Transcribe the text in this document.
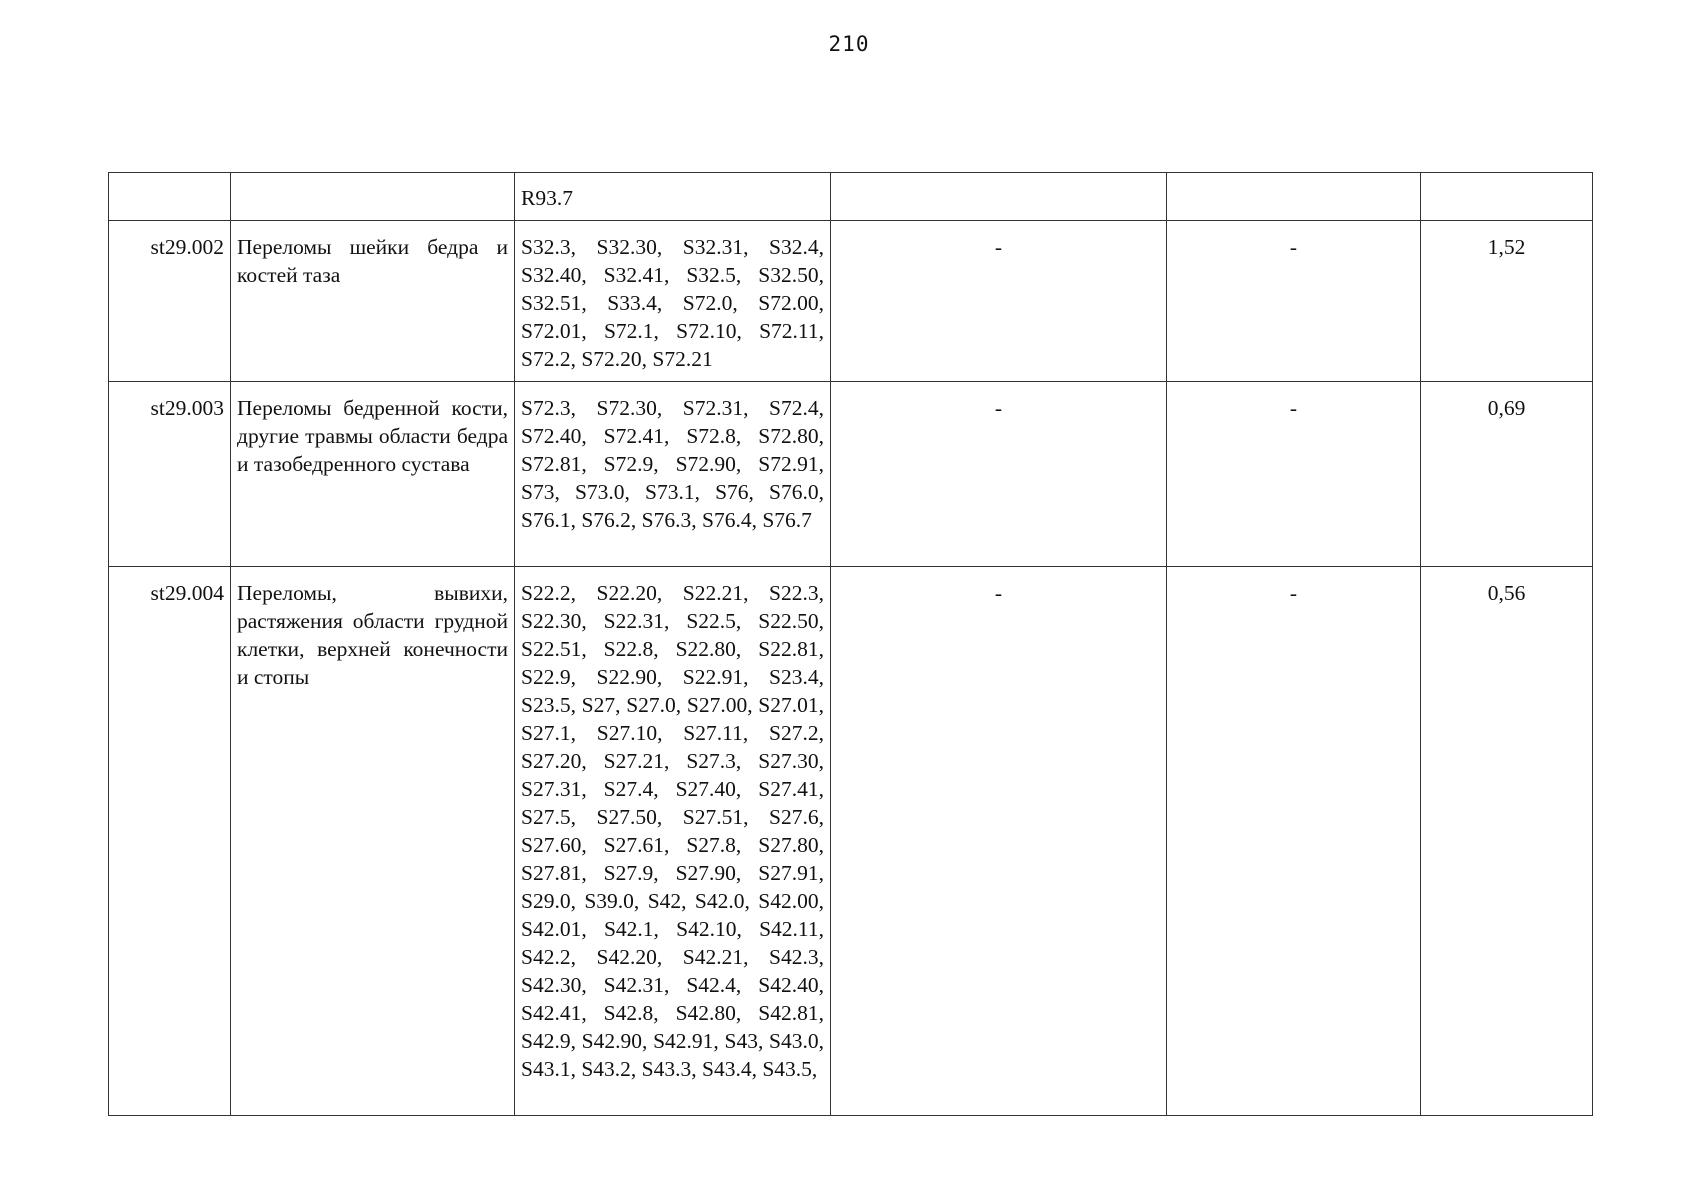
210
		R93.7			
st29.002	Переломы шейки бедра и костей таза	S32.3, S32.30, S32.31, S32.4, S32.40, S32.41, S32.5, S32.50, S32.51, S33.4, S72.0, S72.00, S72.01, S72.1, S72.10, S72.11, S72.2, S72.20, S72.21	-	-	1,52
st29.003	Переломы бедренной кости, другие травмы области бедра и тазобедренного сустава	S72.3, S72.30, S72.31, S72.4, S72.40, S72.41, S72.8, S72.80, S72.81, S72.9, S72.90, S72.91, S73, S73.0, S73.1, S76, S76.0, S76.1, S76.2, S76.3, S76.4, S76.7	-	-	0,69
st29.004	Переломы, вывихи, растяжения области грудной клетки, верхней конечности и стопы	S22.2, S22.20, S22.21, S22.3, S22.30, S22.31, S22.5, S22.50, S22.51, S22.8, S22.80, S22.81, S22.9, S22.90, S22.91, S23.4, S23.5, S27, S27.0, S27.00, S27.01, S27.1, S27.10, S27.11, S27.2, S27.20, S27.21, S27.3, S27.30, S27.31, S27.4, S27.40, S27.41, S27.5, S27.50, S27.51, S27.6, S27.60, S27.61, S27.8, S27.80, S27.81, S27.9, S27.90, S27.91, S29.0, S39.0, S42, S42.0, S42.00, S42.01, S42.1, S42.10, S42.11, S42.2, S42.20, S42.21, S42.3, S42.30, S42.31, S42.4, S42.40, S42.41, S42.8, S42.80, S42.81, S42.9, S42.90, S42.91, S43, S43.0, S43.1, S43.2, S43.3, S43.4, S43.5,	-	-	0,56
